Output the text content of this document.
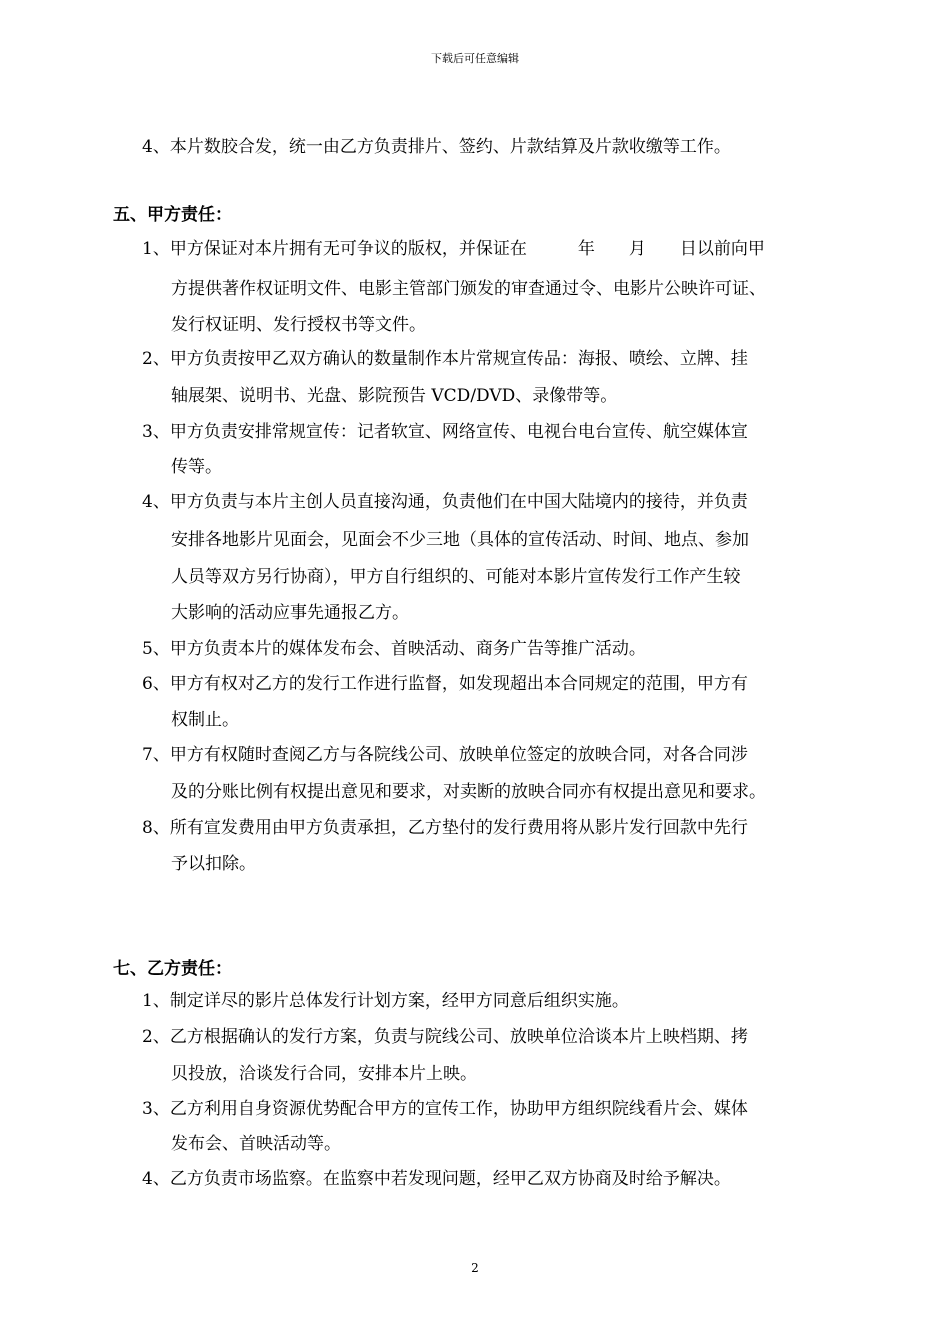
下载后可任意编辑
4、本片数胶合发，统一由乙方负责排片、签约、片款结算及片款收缴等工作。
五、甲方责任：
1、甲方保证对本片拥有无可争议的版权，并保证在　　　年　　月　　日以前向甲
方提供著作权证明文件、电影主管部门颁发的审查通过令、电影片公映许可证、
发行权证明、发行授权书等文件。
2、甲方负责按甲乙双方确认的数量制作本片常规宣传品：海报、喷绘、立牌、挂
轴展架、说明书、光盘、影院预告 VCD/DVD、录像带等。
3、甲方负责安排常规宣传：记者软宣、网络宣传、电视台电台宣传、航空媒体宣
传等。
4、甲方负责与本片主创人员直接沟通，负责他们在中国大陆境内的接待，并负责
安排各地影片见面会，见面会不少三地（具体的宣传活动、时间、地点、参加
人员等双方另行协商），甲方自行组织的、可能对本影片宣传发行工作产生较
大影响的活动应事先通报乙方。
5、甲方负责本片的媒体发布会、首映活动、商务广告等推广活动。
6、甲方有权对乙方的发行工作进行监督，如发现超出本合同规定的范围，甲方有
权制止。
7、甲方有权随时查阅乙方与各院线公司、放映单位签定的放映合同，对各合同涉
及的分账比例有权提出意见和要求，对卖断的放映合同亦有权提出意见和要求。
8、所有宣发费用由甲方负责承担，乙方垫付的发行费用将从影片发行回款中先行
予以扣除。
七、乙方责任：
1、制定详尽的影片总体发行计划方案，经甲方同意后组织实施。
2、乙方根据确认的发行方案，负责与院线公司、放映单位洽谈本片上映档期、拷
贝投放，洽谈发行合同，安排本片上映。
3、乙方利用自身资源优势配合甲方的宣传工作，协助甲方组织院线看片会、媒体
发布会、首映活动等。
4、乙方负责市场监察。在监察中若发现问题，经甲乙双方协商及时给予解决。
2
